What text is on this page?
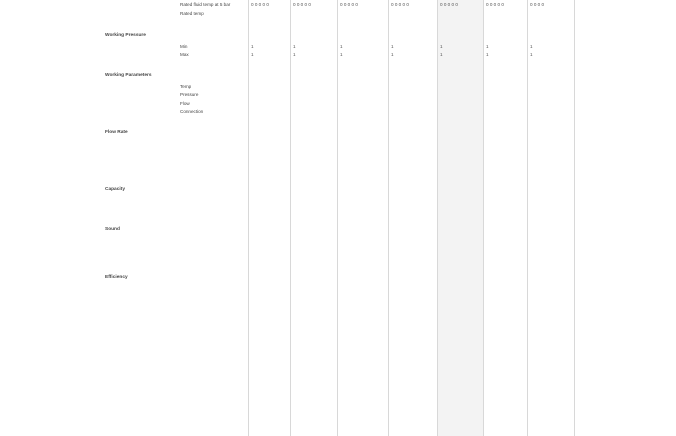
Rated fluid temp at 5 bar	0 0 0 0 0	0 0 0 0 0	0 0 0 0 0	0 0 0 0 0	0 0 0 0 0	0 0 0 0 0	0 0 0 0
Rated temp
Working Pressure
Min	1	1	1	1	1	1	1
Max	1	1	1	1	1	1	1
Working Parameters
Temp
Pressure
Flow
Connection
Flow Rate
Capacity
Sound
Efficiency
